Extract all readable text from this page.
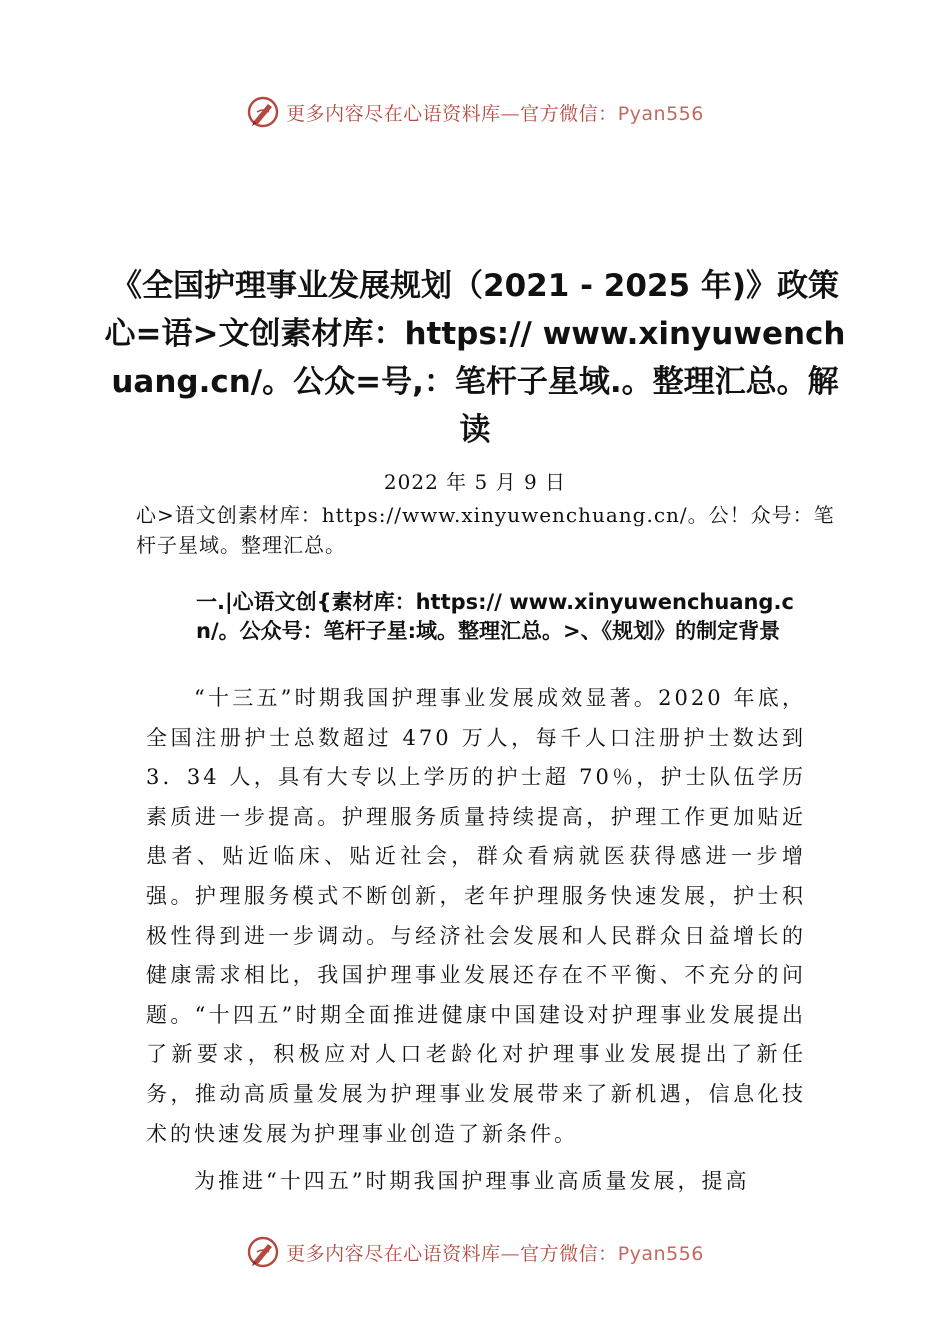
更多内容尽在心语资料库—官方微信：Pyan556
《全国护理事业发展规划（2021 - 2025 年)》政策心=语>文创素材库：https:// www.xinyuwenchuang.cn/。公众=号,：笔杆子星域.。整理汇总。解读
2022 年 5 月 9 日
心>语文创素材库：https://www.xinyuwenchuang.cn/。公！众号：笔杆子星域。整理汇总。
一.|心语文创{素材库：https:// www.xinyuwenchuang.cn/。公众号：笔杆子星:域。整理汇总。>、《规划》的制定背景

“十三五”时期我国护理事业发展成效显著。2020 年底，全国注册护士总数超过 470 万人，每千人口注册护士数达到 3．34 人，具有大专以上学历的护士超 70％，护士队伍学历素质进一步提高。护理服务质量持续提高，护理工作更加贴近患者、贴近临床、贴近社会，群众看病就医获得感进一步增强。护理服务模式不断创新，老年护理服务快速发展，护士积极性得到进一步调动。与经济社会发展和人民群众日益增长的健康需求相比，我国护理事业发展还存在不平衡、不充分的问题。“十四五”时期全面推进健康中国建设对护理事业发展提出了新要求，积极应对人口老龄化对护理事业发展提出了新任务，推动高质量发展为护理事业发展带来了新机遇，信息化技术的快速发展为护理事业创造了新条件。

为推进“十四五”时期我国护理事业高质量发展，提高

更多内容尽在心语资料库—官方微信：Pyan556
